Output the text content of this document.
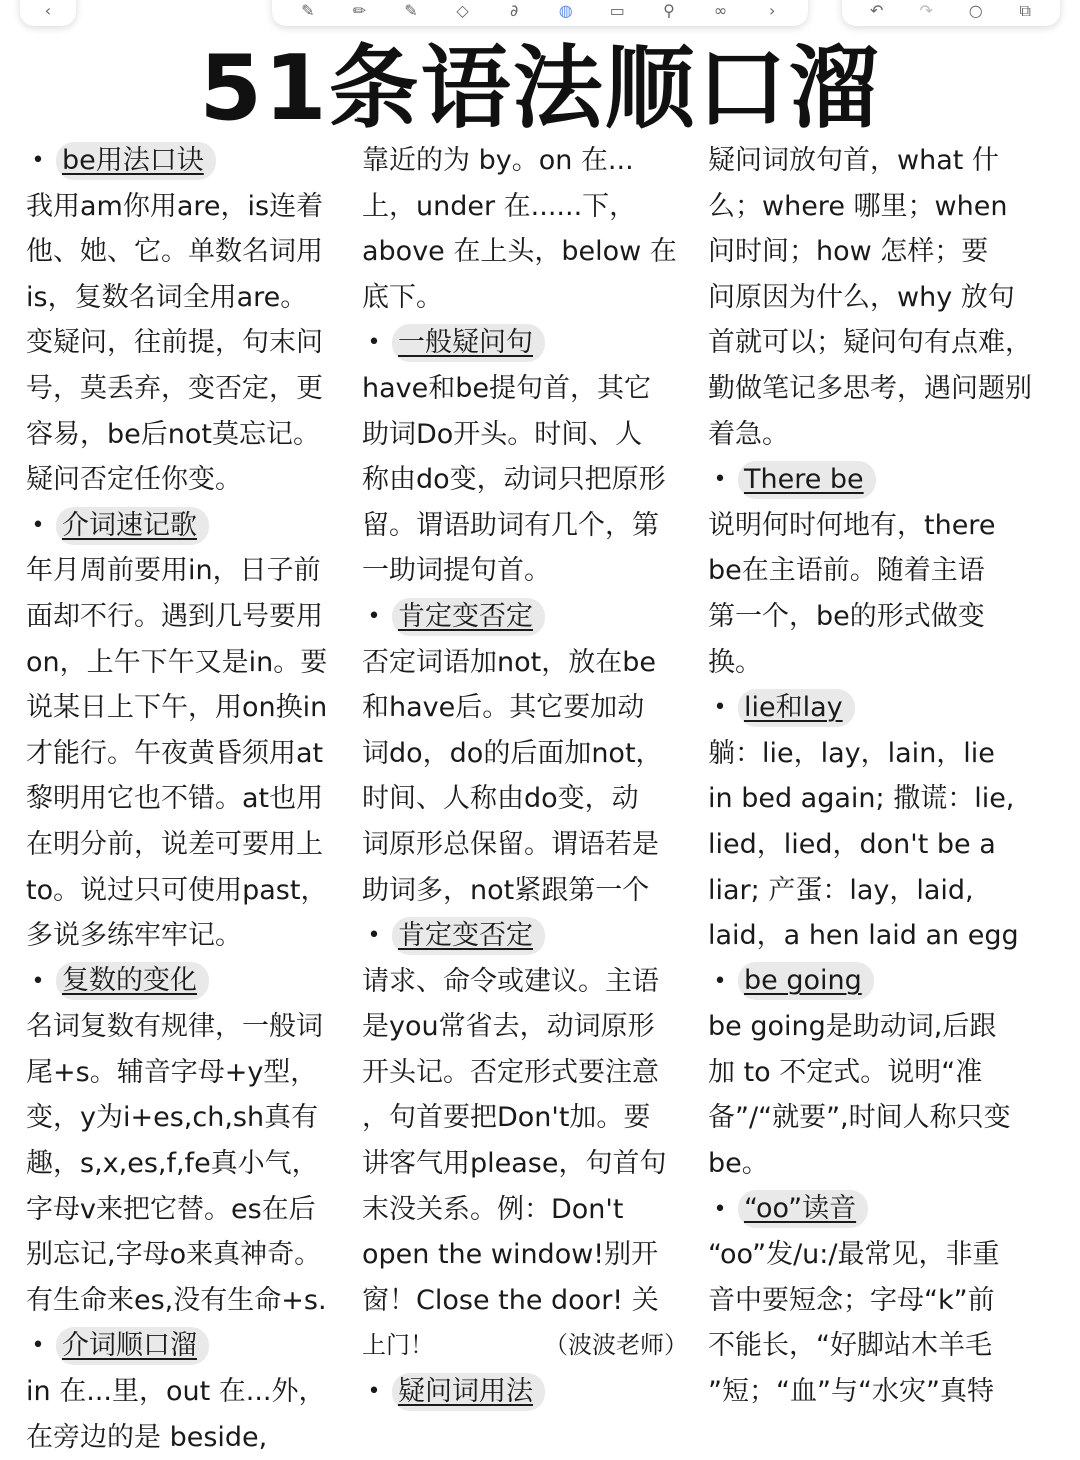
‹	✎	✏	✎	◇	∂	◍	▭	⚲	∞	›	↶	↷	○	⧉
51条语法顺口溜
• be用法口诀
我用am你用are，is连着
他、她、它。单数名词用
is，复数名词全用are。
变疑问，往前提，句末问
号，莫丢弃，变否定，更
容易，be后not莫忘记。
疑问否定任你变。
• 介词速记歌
年月周前要用in，日子前
面却不行。遇到几号要用
on，上午下午又是in。要
说某日上下午，用on换in
才能行。午夜黄昏须用at
黎明用它也不错。at也用
在明分前，说差可要用上
to。说过只可使用past，
多说多练牢牢记。
• 复数的变化
名词复数有规律，一般词
尾+s。辅音字母+y型，
变，y为i+es,ch,sh真有
趣，s,x,es,f,fe真小气，
字母v来把它替。es在后
别忘记,字母o来真神奇。
有生命来es,没有生命+s.
• 介词顺口溜
in 在...里，out 在...外，
在旁边的是 beside,
靠近的为 by。on 在...
上，under 在......下，
above 在上头，below 在
底下。
• 一般疑问句
have和be提句首，其它
助词Do开头。时间、人
称由do变，动词只把原形
留。谓语助词有几个，第
一助词提句首。
• 肯定变否定
否定词语加not，放在be
和have后。其它要加动
词do，do的后面加not，
时间、人称由do变，动
词原形总保留。谓语若是
助词多，not紧跟第一个
• 肯定变否定
请求、命令或建议。主语
是you常省去，动词原形
开头记。否定形式要注意
，句首要把Don't加。要
讲客气用please，句首句
末没关系。例：Don't
open the window!别开
窗！Close the door! 关
上门！	（波波老师）
• 疑问词用法
疑问词放句首，what 什
么；where 哪里；when
问时间；how 怎样；要
问原因为什么，why 放句
首就可以；疑问句有点难，
勤做笔记多思考，遇问题别
着急。
• There be
说明何时何地有，there
be在主语前。随着主语
第一个，be的形式做变
换。
• lie和lay
躺：lie，lay，lain，lie
in bed again; 撒谎：lie,
lied，lied，don't be a
liar; 产蛋：lay，laid,
laid，a hen laid an egg
• be going
be going是助动词,后跟
加 to 不定式。说明“准
备”/“就要”,时间人称只变
be。
• “oo”读音
“oo”发/u:/最常见，非重
音中要短念；字母“k”前
不能长，“好脚站木羊毛
”短；“血”与“水灾”真特
